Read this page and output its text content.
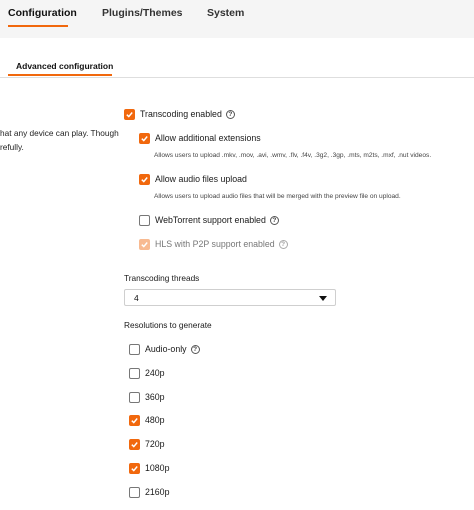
Configuration Plugins/Themes System
Advanced configuration
hat any device can play. Though
refully.
Transcoding enabled	?
Allow additional extensions
Allows users to upload .mkv, .mov, .avi, .wmv, .flv, .f4v, .3g2, .3gp, .mts, m2ts, .mxf, .nut videos.
Allow audio files upload
Allows users to upload audio files that will be merged with the preview file on upload.
WebTorrent support enabled	?
HLS with P2P support enabled	?
Transcoding threads
4
Resolutions to generate
Audio-only	?
240p
360p
480p
720p
1080p
2160p
